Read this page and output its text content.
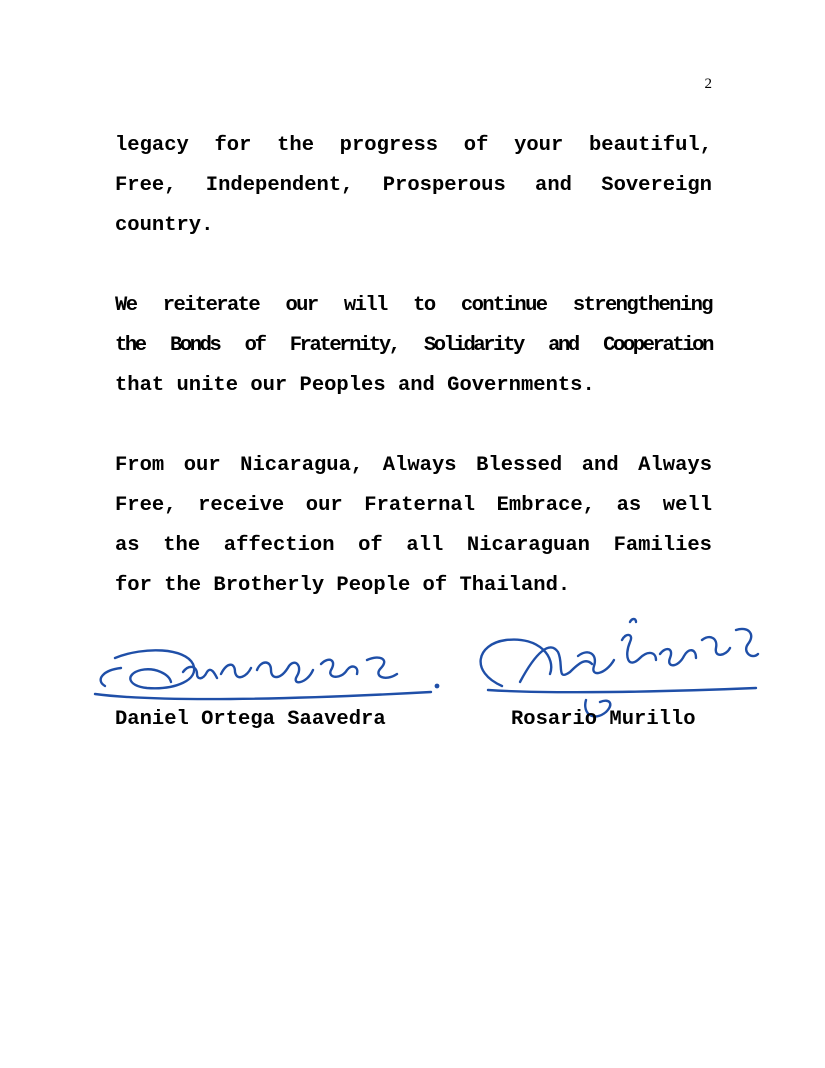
2

legacy for the progress of your beautiful,
Free, Independent, Prosperous and Sovereign
country.

We reiterate our will to continue strengthening
the Bonds of Fraternity, Solidarity and Cooperation
that unite our Peoples and Governments.

From our Nicaragua, Always Blessed and Always
Free, receive our Fraternal Embrace, as well
as the affection of all Nicaraguan Families
for the Brotherly People of Thailand.

Daniel Ortega Saavedra	Rosario Murillo
